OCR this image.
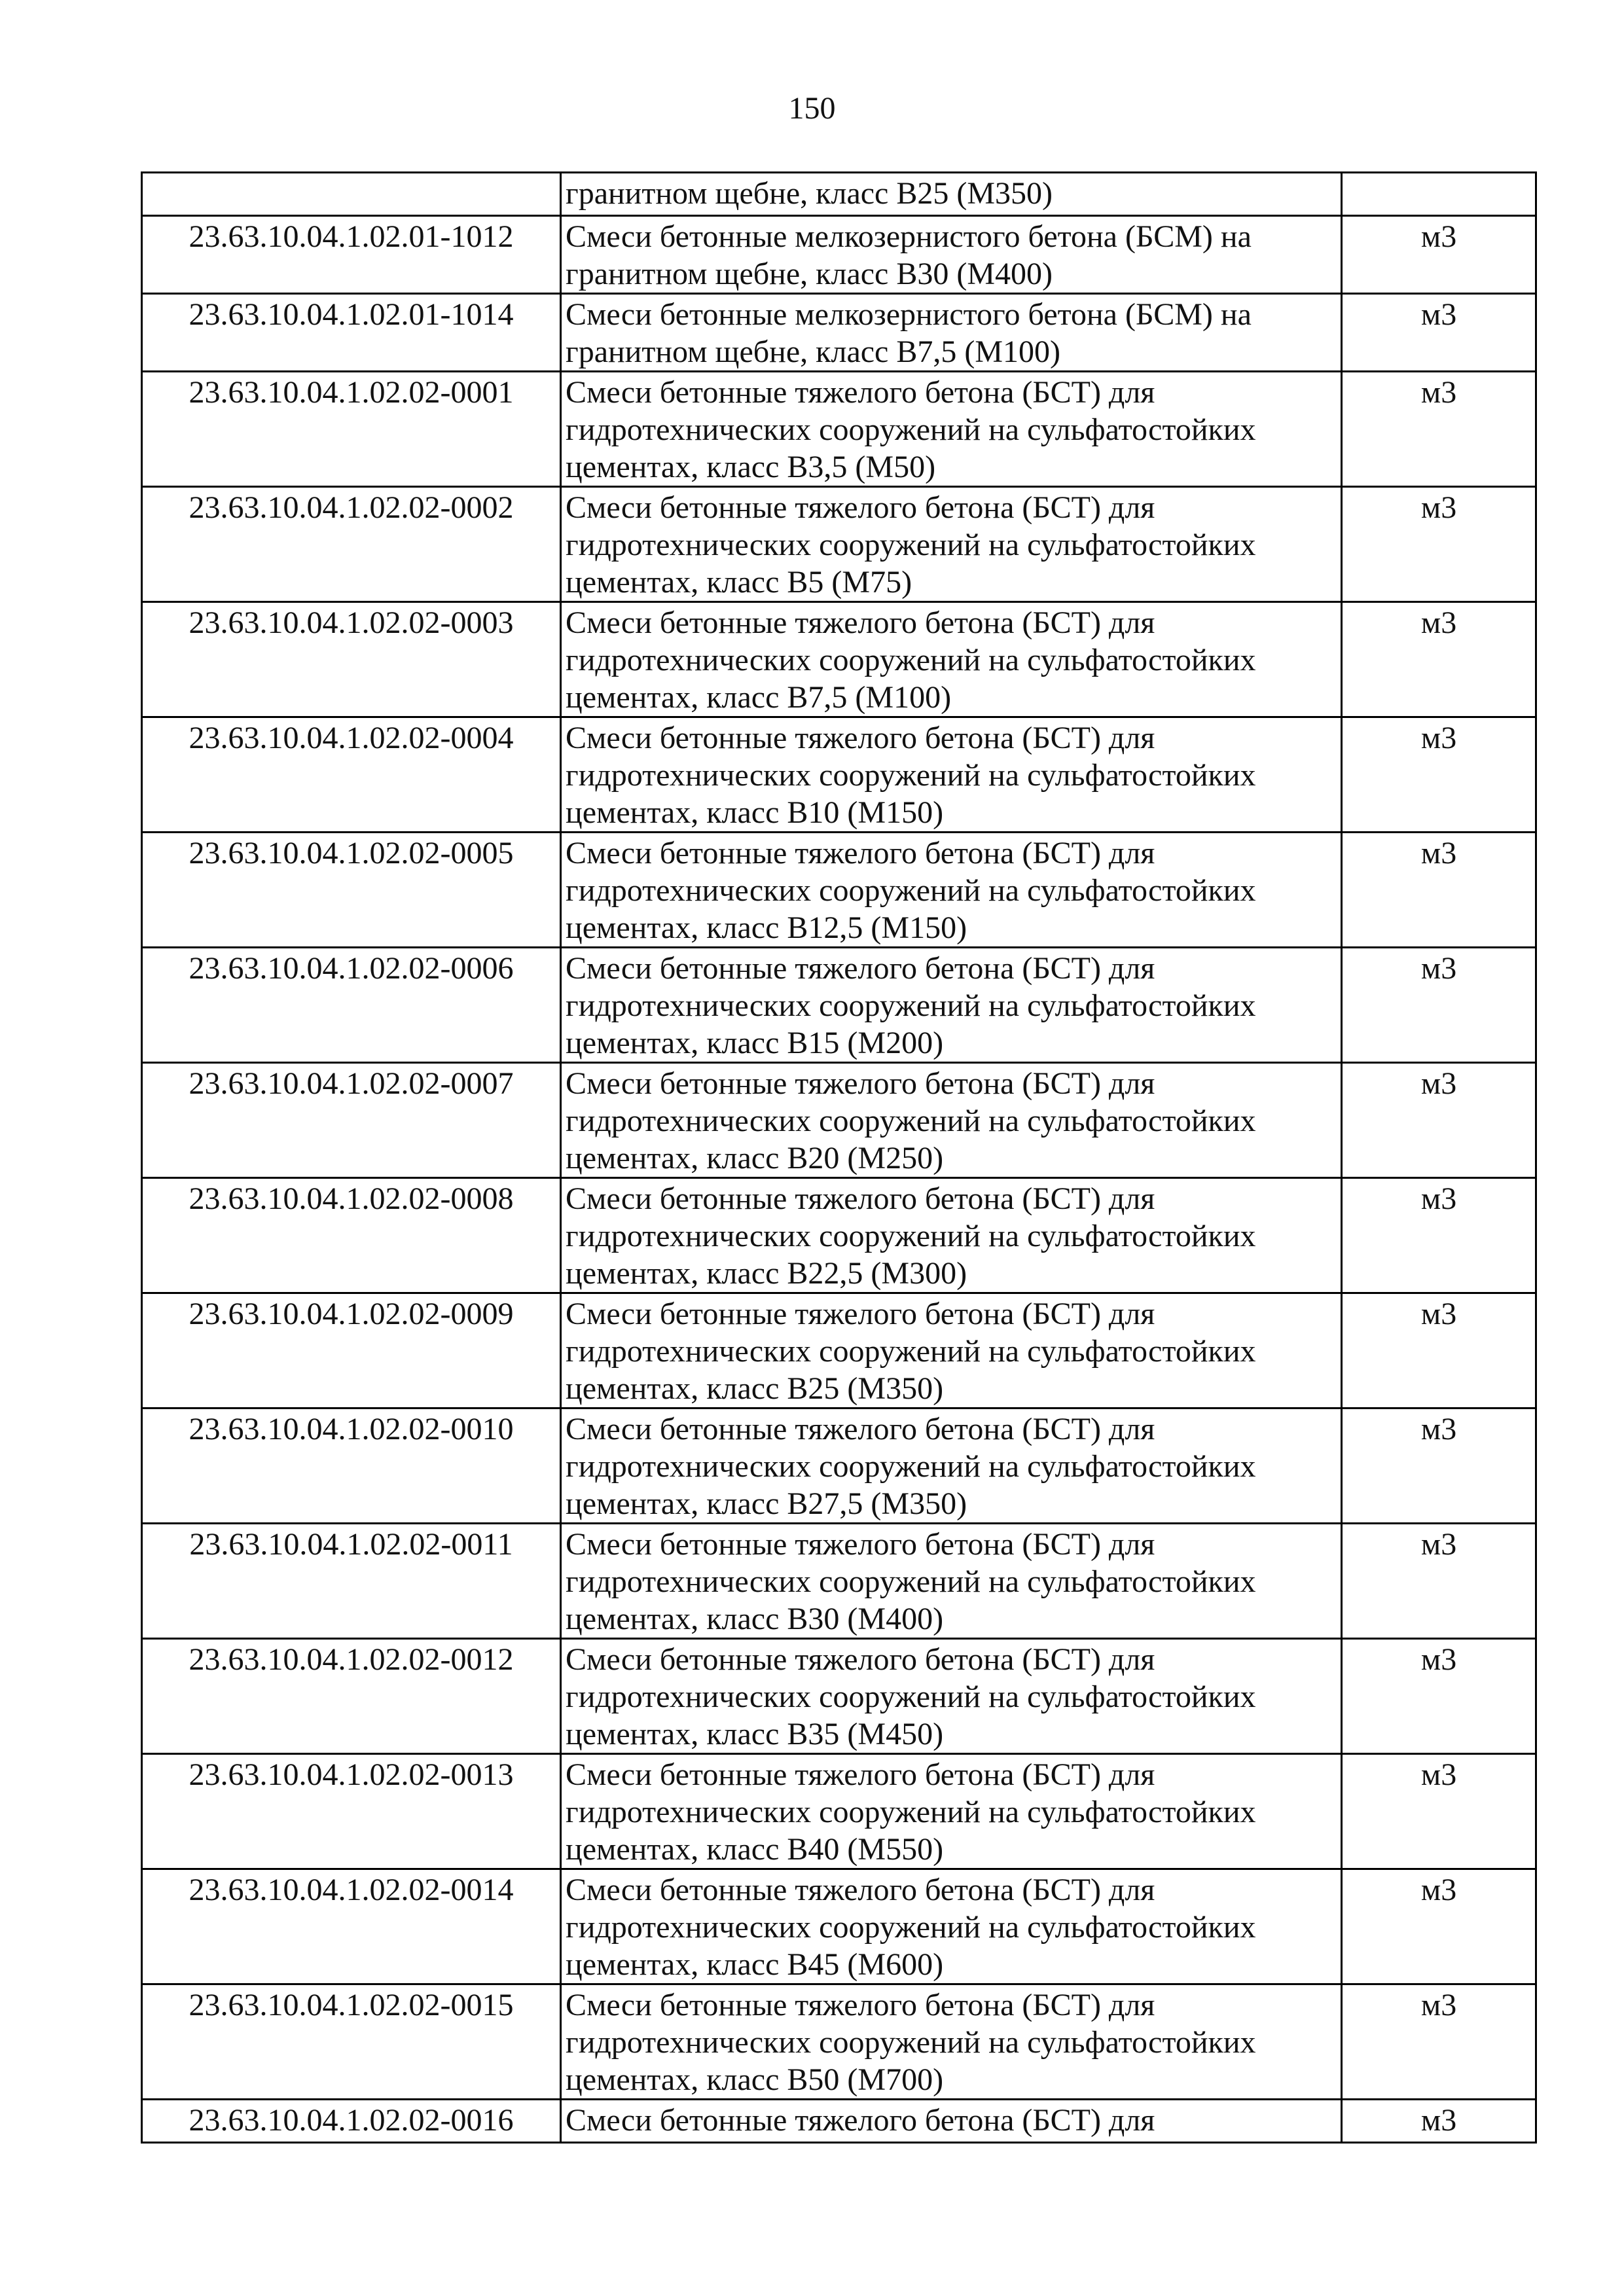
150

	гранитном щебне, класс В25 (М350)	

23.63.10.04.1.02.01-1012	Смеси бетонные мелкозернистого бетона (БСМ) на
гранитном щебне, класс В30 (М400)	м3
23.63.10.04.1.02.01-1014	Смеси бетонные мелкозернистого бетона (БСМ) на
гранитном щебне, класс В7,5 (М100)	м3
23.63.10.04.1.02.02-0001	Смеси бетонные тяжелого бетона (БСТ) для
гидротехнических сооружений на сульфатостойких
цементах, класс В3,5 (М50)	м3
23.63.10.04.1.02.02-0002	Смеси бетонные тяжелого бетона (БСТ) для
гидротехнических сооружений на сульфатостойких
цементах, класс В5 (М75)	м3
23.63.10.04.1.02.02-0003	Смеси бетонные тяжелого бетона (БСТ) для
гидротехнических сооружений на сульфатостойких
цементах, класс В7,5 (М100)	м3
23.63.10.04.1.02.02-0004	Смеси бетонные тяжелого бетона (БСТ) для
гидротехнических сооружений на сульфатостойких
цементах, класс В10 (М150)	м3
23.63.10.04.1.02.02-0005	Смеси бетонные тяжелого бетона (БСТ) для
гидротехнических сооружений на сульфатостойких
цементах, класс В12,5 (М150)	м3
23.63.10.04.1.02.02-0006	Смеси бетонные тяжелого бетона (БСТ) для
гидротехнических сооружений на сульфатостойких
цементах, класс В15 (М200)	м3
23.63.10.04.1.02.02-0007	Смеси бетонные тяжелого бетона (БСТ) для
гидротехнических сооружений на сульфатостойких
цементах, класс В20 (М250)	м3
23.63.10.04.1.02.02-0008	Смеси бетонные тяжелого бетона (БСТ) для
гидротехнических сооружений на сульфатостойких
цементах, класс В22,5 (М300)	м3
23.63.10.04.1.02.02-0009	Смеси бетонные тяжелого бетона (БСТ) для
гидротехнических сооружений на сульфатостойких
цементах, класс В25 (М350)	м3
23.63.10.04.1.02.02-0010	Смеси бетонные тяжелого бетона (БСТ) для
гидротехнических сооружений на сульфатостойких
цементах, класс В27,5 (М350)	м3
23.63.10.04.1.02.02-0011	Смеси бетонные тяжелого бетона (БСТ) для
гидротехнических сооружений на сульфатостойких
цементах, класс В30 (М400)	м3
23.63.10.04.1.02.02-0012	Смеси бетонные тяжелого бетона (БСТ) для
гидротехнических сооружений на сульфатостойких
цементах, класс В35 (М450)	м3
23.63.10.04.1.02.02-0013	Смеси бетонные тяжелого бетона (БСТ) для
гидротехнических сооружений на сульфатостойких
цементах, класс В40 (М550)	м3
23.63.10.04.1.02.02-0014	Смеси бетонные тяжелого бетона (БСТ) для
гидротехнических сооружений на сульфатостойких
цементах, класс В45 (М600)	м3
23.63.10.04.1.02.02-0015	Смеси бетонные тяжелого бетона (БСТ) для
гидротехнических сооружений на сульфатостойких
цементах, класс В50 (М700)	м3
23.63.10.04.1.02.02-0016	Смеси бетонные тяжелого бетона (БСТ) для	м3
